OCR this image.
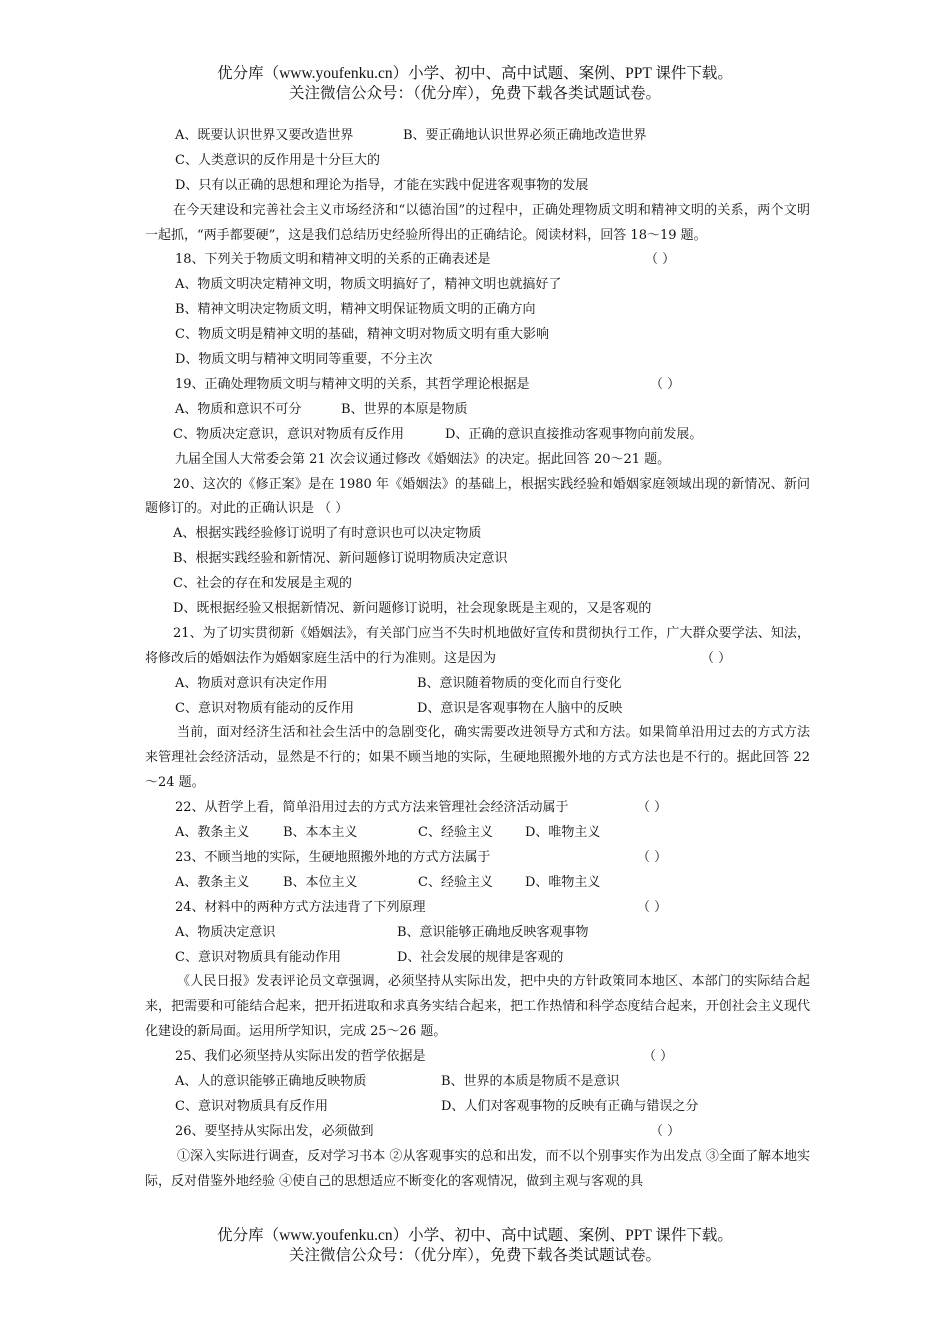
优分库（www.youfenku.cn）小学、初中、高中试题、案例、PPT 课件下载。
关注微信公众号：（优分库），免费下载各类试题试卷。
A、既要认识世界又要改造世界	B、要正确地认识世界必须正确地改造世界
C、人类意识的反作用是十分巨大的
D、只有以正确的思想和理论为指导，才能在实践中促进客观事物的发展
在今天建设和完善社会主义市场经济和“以德治国”的过程中，正确处理物质文明和精神文明的关系，两个文明一起抓，“两手都要硬”，这是我们总结历史经验所得出的正确结论。阅读材料，回答 18～19 题。
18、下列关于物质文明和精神文明的关系的正确表述是	（ ）
A、物质文明决定精神文明，物质文明搞好了，精神文明也就搞好了
B、精神文明决定物质文明，精神文明保证物质文明的正确方向
C、物质文明是精神文明的基础，精神文明对物质文明有重大影响
D、物质文明与精神文明同等重要，不分主次
19、正确处理物质文明与精神文明的关系，其哲学理论根据是	（ ）
A、物质和意识不可分	B、世界的本原是物质
C、物质决定意识，意识对物质有反作用	D、正确的意识直接推动客观事物向前发展。
九届全国人大常委会第 21 次会议通过修改《婚姻法》的决定。据此回答 20～21 题。
20、这次的《修正案》是在 1980 年《婚姻法》的基础上，根据实践经验和婚姻家庭领域出现的新情况、新问题修订的。对此的正确认识是 （ ）
A、根据实践经验修订说明了有时意识也可以决定物质
B、根据实践经验和新情况、新问题修订说明物质决定意识
C、社会的存在和发展是主观的
D、既根据经验又根据新情况、新问题修订说明，社会现象既是主观的，又是客观的
21、为了切实贯彻新《婚姻法》，有关部门应当不失时机地做好宣传和贯彻执行工作，广大群众要学法、知法，将修改后的婚姻法作为婚姻家庭生活中的行为准则。这是因为	（ ）
A、物质对意识有决定作用	B、意识随着物质的变化而自行变化
C、意识对物质有能动的反作用	D、意识是客观事物在人脑中的反映
当前，面对经济生活和社会生活中的急剧变化，确实需要改进领导方式和方法。如果简单沿用过去的方式方法来管理社会经济活动，显然是不行的；如果不顾当地的实际，生硬地照搬外地的方式方法也是不行的。据此回答 22～24 题。
22、从哲学上看，简单沿用过去的方式方法来管理社会经济活动属于	（ ）
A、教条主义	B、本本主义	C、经验主义 D、唯物主义
23、不顾当地的实际，生硬地照搬外地的方式方法属于	（ ）
A、教条主义	B、本位主义	C、经验主义 D、唯物主义
24、材料中的两种方式方法违背了下列原理	（ ）
A、物质决定意识	B、意识能够正确地反映客观事物
C、意识对物质具有能动作用	D、社会发展的规律是客观的
《人民日报》发表评论员文章强调，必须坚持从实际出发，把中央的方针政策同本地区、本部门的实际结合起来，把需要和可能结合起来，把开拓进取和求真务实结合起来，把工作热情和科学态度结合起来，开创社会主义现代化建设的新局面。运用所学知识，完成 25～26 题。
25、我们必须坚持从实际出发的哲学依据是	（ ）
A、人的意识能够正确地反映物质	B、世界的本质是物质不是意识
C、意识对物质具有反作用	D、人们对客观事物的反映有正确与错误之分
26、要坚持从实际出发，必须做到	（ ）
①深入实际进行调查，反对学习书本 ②从客观事实的总和出发，而不以个别事实作为出发点 ③全面了解本地实际，反对借鉴外地经验 ④使自己的思想适应不断变化的客观情况，做到主观与客观的具
优分库（www.youfenku.cn）小学、初中、高中试题、案例、PPT 课件下载。
关注微信公众号：（优分库），免费下载各类试题试卷。
